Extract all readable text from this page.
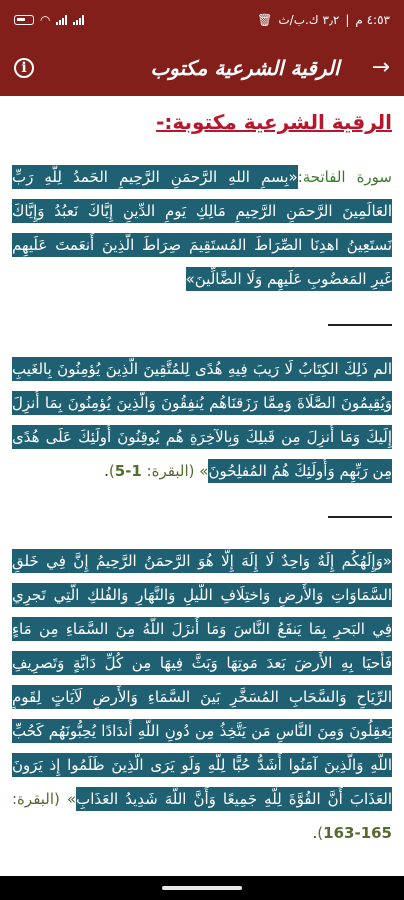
◠	٤:٥٣ م
|
٣٫٢ ك.ب/ث
🗑
i	الرقية الشرعية مكتوب	→
الرقية الشرعية مكتوبة:-

سورة الفاتحة:«بِسمِ اللهِ الرَّحمَنِ الرَّحِيمِ الحَمدُ لِلَّهِ رَبِّ العَالَمِينَ الرَّحمَنِ الرَّحِيمِ مَالِكِ يَومِ الدِّينِ إِيَّاكَ نَعبُدُ وَإِيَّاكَ نَستَعِينُ اهدِنَا الصِّرَاطَ المُستَقِيمَ صِرَاطَ الَّذِينَ أَنعَمتَ عَلَيهِم غَيرِ المَغضُوبِ عَلَيهِم وَلَا الضَّالِّينَ»

الم ذَلِكَ الكِتَابُ لَا رَيبَ فِيهِ هُدًى لِلمُتَّقِينَ الَّذِينَ يُؤمِنُونَ بِالغَيبِ وَيُقِيمُونَ الصَّلَاةَ وَمِمَّا رَزَقنَاهُم يُنفِقُونَ وَالَّذِينَ يُؤمِنُونَ بِمَا أُنزِلَ إِلَيكَ وَمَا أُنزِلَ مِن قَبلِكَ وَبِالآخِرَةِ هُم يُوقِنُونَ أُولَئِكَ عَلَى هُدًى مِن رَبِّهِم وَأُولَئِكَ هُمُ المُفلِحُونَ» (البقرة: 1-5).

«وَإِلَهُكُم إِلَهٌ وَاحِدٌ لَا إِلَهَ إِلَّا هُوَ الرَّحمَنُ الرَّحِيمُ إِنَّ فِي خَلقِ السَّمَاوَاتِ وَالأَرضِ وَاختِلَافِ اللَّيلِ وَالنَّهَارِ وَالفُلكِ الَّتِي تَجرِي فِي البَحرِ بِمَا يَنفَعُ النَّاسَ وَمَا أَنزَلَ اللَّهُ مِنَ السَّمَاءِ مِن مَاءٍ فَأَحيَا بِهِ الأَرضَ بَعدَ مَوتِهَا وَبَثَّ فِيهَا مِن كُلِّ دَابَّةٍ وَتَصرِيفِ الرِّيَاحِ وَالسَّحَابِ المُسَخَّرِ بَينَ السَّمَاءِ وَالأَرضِ لَآيَاتٍ لِقَومٍ يَعقِلُونَ وَمِنَ النَّاسِ مَن يَتَّخِذُ مِن دُونِ اللَّهِ أَندَادًا يُحِبُّونَهُم كَحُبِّ اللَّهِ وَالَّذِينَ آمَنُوا أَشَدُّ حُبًّا لِلَّهِ وَلَو يَرَى الَّذِينَ ظَلَمُوا إِذ يَرَونَ العَذَابَ أَنَّ القُوَّةَ لِلَّهِ جَمِيعًا وَأَنَّ اللَّهَ شَدِيدُ العَذَابِ» (البقرة: 165-163).
